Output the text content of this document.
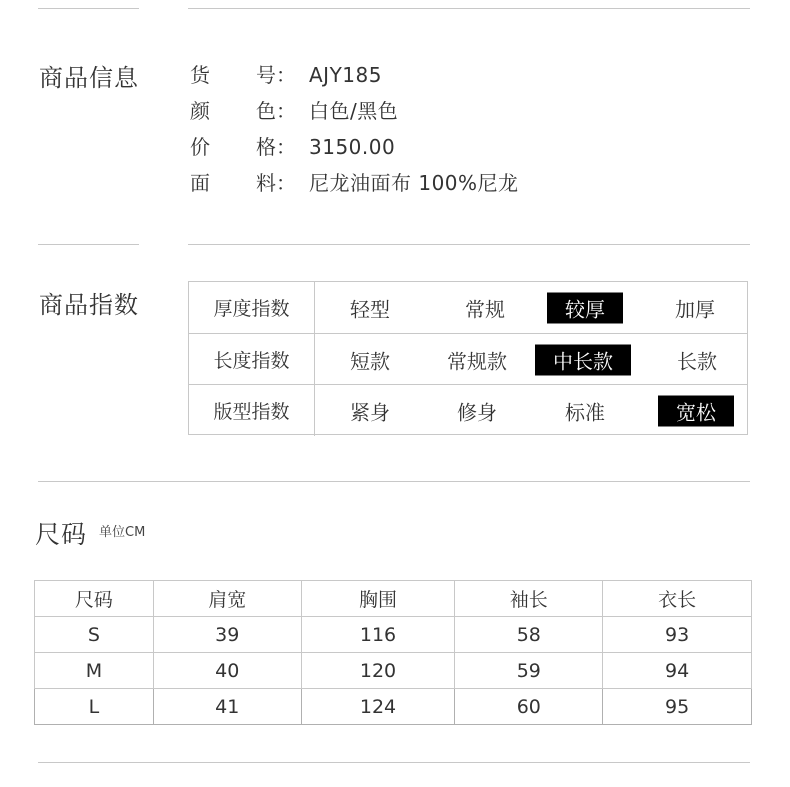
商品信息	货 号： AJY185
颜 色： 白色/黑色
价 格： 3150.00
面 料： 尼龙油面布 100%尼龙
商品指数	厚度指数	轻型	常规	较厚	加厚
长度指数	短款	常规款	中长款	长款
版型指数	紧身	修身	标准	宽松
尺码 单位CM
尺码	肩宽	胸围	袖长	衣长
S	39	116	58	93
M	40	120	59	94
L	41	124	60	95
